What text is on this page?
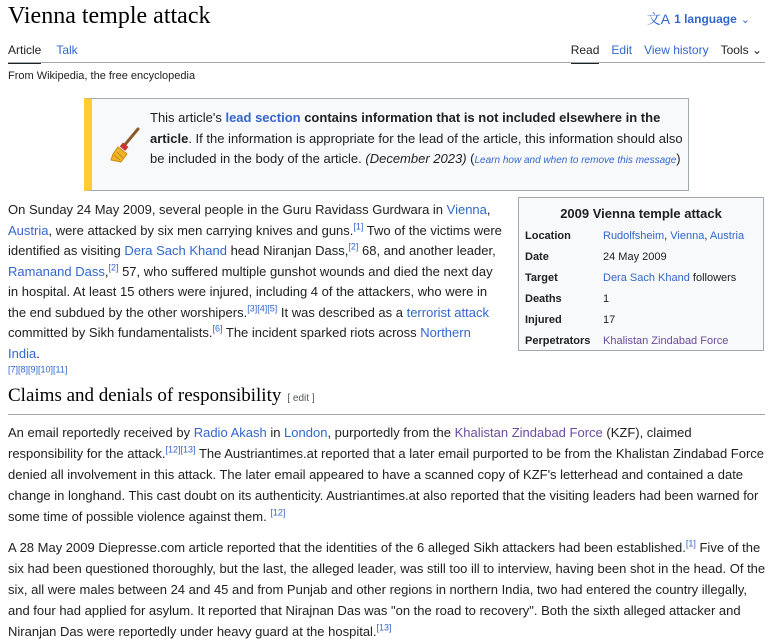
Vienna temple attack	文A 1 language ⌄
Article Talk	Read Edit View history Tools ⌄
From Wikipedia, the free encyclopedia
This article's lead section contains information that is not included elsewhere in the article. If the information is appropriate for the lead of the article, this information should also be included in the body of the article. (December 2023) (Learn how and when to remove this message)

On Sunday 24 May 2009, several people in the Guru Ravidass Gurdwara in Vienna, Austria, were attacked by six men carrying knives and guns.[1] Two of the victims were identified as visiting Dera Sach Khand head Niranjan Dass,[2] 68, and another leader, Ramanand Dass,[2] 57, who suffered multiple gunshot wounds and died the next day in hospital. At least 15 others were injured, including 4 of the attackers, who were in the end subdued by the other worshipers.[3][4][5] It was described as a terrorist attack committed by Sikh fundamentalists.[6] The incident sparked riots across Northern India.
[7][8][9][10][11]

2009 Vienna temple attack
Location	Rudolfsheim, Vienna, Austria
Date	24 May 2009
Target	Dera Sach Khand followers
Deaths	1
Injured	17
Perpetrators	Khalistan Zindabad Force
Claims and denials of responsibility [ edit ]

An email reportedly received by Radio Akash in London, purportedly from the Khalistan Zindabad Force (KZF), claimed responsibility for the attack.[12][13] The Austriantimes.at reported that a later email purported to be from the Khalistan Zindabad Force denied all involvement in this attack. The later email appeared to have a scanned copy of KZF's letterhead and contained a date change in longhand. This cast doubt on its authenticity. Austriantimes.at also reported that the visiting leaders had been warned for some time of possible violence against them. [12]

A 28 May 2009 Diepresse.com article reported that the identities of the 6 alleged Sikh attackers had been established.[1] Five of the six had been questioned thoroughly, but the last, the alleged leader, was still too ill to interview, having been shot in the head. Of the six, all were males between 24 and 45 and from Punjab and other regions in northern India, two had entered the country illegally, and four had applied for asylum. It reported that Nirajnan Das was "on the road to recovery". Both the sixth alleged attacker and Niranjan Das were reportedly under heavy guard at the hospital.[13]
